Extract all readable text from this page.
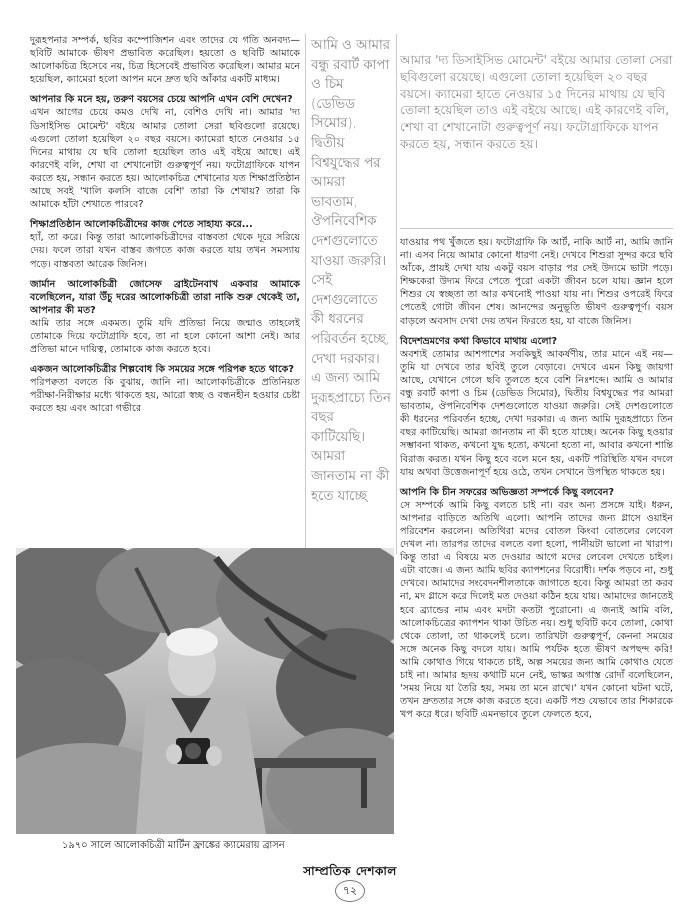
দুরূহপনার সম্পর্ক, ছবির কম্পোজিশন এবং তাদের যে গতি অনবদ্য—ছবিটি আমাকে ভীষণ প্রভাবিত করেছিল। হয়তো ও ছবিটি আমাকে আলোকচিত্র হিসেবে নয়, চিত্র হিসেবেই প্রভাবিত করেছিল। আমার মনে হয়েছিল, ক্যামেরা হলো আপন মনে দ্রুত ছবি আঁকার একটি মাধ্যম।

আপনার কি মনে হয়, তরুণ বয়সের চেয়ে আপনি এখন বেশি দেখেন?

এখন আগের চেয়ে কমও দেখি না, বেশিও দেখি না। আমার 'দ্য ডিসাইসিভ মোমেন্ট' বইয়ে আমার তোলা সেরা ছবিগুলো রয়েছে। এগুলো তোলা হয়েছিল ২০ বছর বয়সে। ক্যামেরা হাতে নেওয়ার ১৫ দিনের মাথায় যে ছবি তোলা হয়েছিল তাও এই বইয়ে আছে। এই কারণেই বলি, শেখা বা শেখানোটা গুরুত্বপূর্ণ নয়। ফটোগ্রাফিকে যাপন করতে হয়, সন্ধান করতে হয়। আলোকচিত্র শেখানোর যত শিক্ষাপ্রতিষ্ঠান আছে সবই 'খালি কলসি বাজে বেশি' তারা কি শেখায়? তারা কি আমাকে হাঁটা শেখাতে পারবে?

শিক্ষাপ্রতিষ্ঠান আলোকচিত্রীদের কাজ পেতে সাহায্য করে...

হ্যাঁ, তা করে। কিন্তু তারা আলোকচিত্রীদের বাস্তবতা থেকে দূরে সরিয়ে দেয়। ফলে তারা যখন বাস্তব জগতে কাজ করতে যায় তখন সমস্যায় পড়ে। বাস্তবতা আরেক জিনিস।

জার্মান আলোকচিত্রী জোসেফ ব্রাইটেনবাখ একবার আমাকে বলেছিলেন, যারা উঁচু দরের আলোকচিত্রী তারা নাকি শুরু থেকেই তা, আপনার কী মত?

আমি তার সঙ্গে একমত। তুমি যদি প্রতিভা নিয়ে জন্মাও তাহলেই তোমাকে দিয়ে ফটোগ্রাফি হবে, তা না হলে কোনো আশা নেই। আর প্রতিভা মানে দায়িত্ব, তোমাকে কাজ করতে হবে।

একজন আলোকচিত্রীর শিল্পবোধ কি সময়ের সঙ্গে পরিপক্ব হতে থাকে?

পরিপক্বতা বলতে কি বুঝায়, জানি না। আলোকচিত্রীকে প্রতিনিয়ত পরীক্ষা-নিরীক্ষার মধ্যে থাকতে হয়, আরো স্বচ্ছ ও বন্ধনহীন হওয়ার চেষ্টা করতে হয় এবং আরো গভীরে

আমি ও আমার বন্ধু রবার্ট কাপা ও চিম (ডেভিড সিমোর), দ্বিতীয় বিশ্বযুদ্ধের পর আমরা ভাবতাম, ঔপনিবেশিক দেশগুলোতে যাওয়া জরুরি। সেই দেশগুলোতে কী ধরনের পরিবর্তন হচ্ছে, দেখা দরকার। এ জন্য আমি দুরূহপ্রাচ্যে তিন বছর কাটিয়েছি। আমরা জানতাম না কী হতে যাচ্ছে

আমার 'দ্য ডিসাইসিভ মোমেন্ট' বইয়ে আমার তোলা সেরা ছবিগুলো রয়েছে। এগুলো তোলা হয়েছিল ২০ বছর বয়সে। ক্যামেরা হাতে নেওয়ার ১৫ দিনের মাথায় যে ছবি তোলা হয়েছিল তাও এই বইয়ে আছে। এই কারণেই বলি, শেখা বা শেখানোটা গুরুত্বপূর্ণ নয়। ফটোগ্রাফিকে যাপন করতে হয়, সন্ধান করতে হয়।

যাওয়ার পথ খুঁজতে হয়। ফটোগ্রাফি কি আর্ট, নাকি আর্ট না, আমি জানি না। এসব নিয়ে আমার কোনো ধারণা নেই। দেখবে শিশুরা সুন্দর করে ছবি আঁকে, প্রায়ই দেখা যায় একটু বয়স বাড়ার পর সেই উদ্যমে ভাটা পড়ে। শিক্ষকেরা উদ্যম ফিরে পেতে পুরো একটা জীবন চলে যায়। জ্ঞান হলে শিশুর যে স্বচ্ছতা তা আর কখনোই পাওয়া যায় না। শিশুর ওপরেই ফিরে পেতেই গোটা জীবন শেষ। আনন্দের অনুভূতি ভীষণ গুরুত্বপূর্ণ। বয়স বাড়লে অবসাদ দেখা দেয় তখন ফিরতে হয়, যা বাজে জিনিস।

বিদেশভ্রমণের কথা কিভাবে মাথায় এলো?

অবশ্যই তোমার আশপাশের সবকিছুই আকর্ষণীয়, তার মানে এই নয়—তুমি যা দেখবে তার ছবিই তুলে বেড়াবে। দেখবে এমন কিছু জায়গা আছে, যেখানে গেলে ছবি তুলতে হবে বেশি নিঃশব্দে। আমি ও আমার বন্ধু রবার্ট কাপা ও চিম (ডেভিড সিমোর), দ্বিতীয় বিশ্বযুদ্ধের পর আমরা ভাবতাম, ঔপনিবেশিক দেশগুলোতে যাওয়া জরুরি। সেই দেশগুলোতে কী ধরনের পরিবর্তন হচ্ছে, দেখা দরকার। এ জন্য আমি দুরূহপ্রাচ্যে তিন বছর কাটিয়েছি। আমরা জানতাম না কী হতে যাচ্ছে। অনেক কিছু হওয়ার সম্ভাবনা থাকত, কখনো যুদ্ধ হতো, কখনো হতো না, আবার কখনো শান্তি বিরাজ করত। যখন কিছু হবে বলে মনে হয়, একটি পরিস্থিতি যখন বদলে যায় অথবা উত্তেজনাপূর্ণ হয়ে ওঠে, তখন সেখানে উপস্থিত থাকতে হয়।

আপনি কি চীন সফরের অভিজ্ঞতা সম্পর্কে কিছু বলবেন?

সে সম্পর্কে আমি কিছু বলতে চাই না। বরং অন্য প্রসঙ্গে যাই। ধরুন, আপনার বাড়িতে অতিথি এলো। আপনি তাদের জন্য গ্লাসে ওয়াইন পরিবেশন করলেন। অতিথিরা মদের বোতল কিংবা বোতলের লেবেল দেখল না। তারপর তাদের বলতে বলা হলো, পানীয়টা ভালো না খারাপ। কিন্তু তারা এ বিষয়ে মত দেওয়ার আগে মদের লেবেল দেখতে চাইল। এটা বাজে। এ জন্য আমি ছবির ক্যাপশনের বিরোধী। দর্শক পড়বে না, শুধু দেখবে। আমাদের সংবেদনশীলতাকে জাগাতে হবে। কিন্তু আমরা তা করব না, মদ গ্লাসে করে দিলেই মত দেওয়া কঠিন হয়ে যায়। আমাদের জানতেই হবে ব্র্যান্ডের নাম এবং মদটা কতটা পুরোনো। এ জন্যই আমি বলি, আলোকচিত্রের ক্যাপশন থাকা উচিত নয়। শুধু ছবিটি কবে তোলা, কোথা থেকে তোলা, তা থাকলেই চলে। তারিখটা গুরুত্বপূর্ণ, কেননা সময়ের সঙ্গে অনেক কিছু বদলে যায়। আমি পর্যটক হতে ভীষণ অপছন্দ করি! আমি কোথাও গিয়ে থাকতে চাই, অল্প সময়ের জন্য আমি কোথাও যেতে চাই না। আমার হৃদয় কথাটি মনে নেই, ভাস্কর অগাস্ত রোদাঁ বলেছিলেন, 'সময় নিয়ে যা তৈরি হয়, সময় তা মনে রাখে।' যখন কোনো ঘটনা ঘটে, তখন দ্রুততার সঙ্গে কাজ করতে হবে। একটি পশু যেভাবে তার শিকারকে খপ করে ধরে। ছবিটি এমনভাবে তুলে ফেলতে হবে,

১৯৭০ সালে আলোকচিত্রী মার্টিন ফ্রাঙ্কের ক্যামেরায় ব্রাসন
সাম্প্রতিক দেশকাল
৭২
